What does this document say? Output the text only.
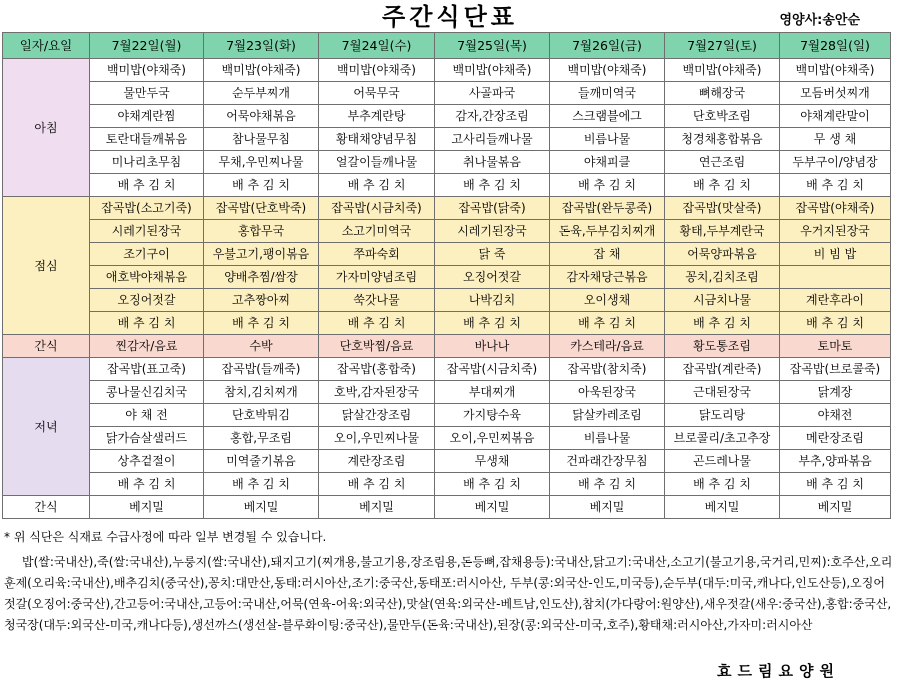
주간식단표	영양사:송안순
일자/요일	7월22일(월)	7월23일(화)	7월24일(수)	7월25일(목)	7월26일(금)	7월27일(토)	7월28일(일)
아침	백미밥(야채죽)	백미밥(야채죽)	백미밥(야채죽)	백미밥(야채죽)	백미밥(야채죽)	백미밥(야채죽)	백미밥(야채죽)
	물만두국	순두부찌개	어묵무국	사골파국	들깨미역국	뼈해장국	모듬버섯찌개
	야채계란찜	어묵야채볶음	부추계란탕	감자,간장조림	스크램블에그	단호박조림	야채계란말이
	토란대들깨볶음	참나물무침	황태채양념무침	고사리들깨나물	비름나물	청경채홍합볶음	무 생 채
	미나리초무침	무채,우민찌나물	얼갈이들깨나물	취나물볶음	야채피클	연근조림	두부구이/양념장
	배 추 김 치	배 추 김 치	배 추 김 치	배 추 김 치	배 추 김 치	배 추 김 치	배 추 김 치
점심	잡곡밥(소고기죽)	잡곡밥(단호박죽)	잡곡밥(시금치죽)	잡곡밥(닭죽)	잡곡밥(완두콩죽)	잡곡밥(맛살죽)	잡곡밥(야채죽)
	시레기된장국	홍합무국	소고기미역국	시레기된장국	돈육,두부김치찌개	황태,두부계란국	우거지된장국
	조기구이	우불고기,팽이볶음	쭈파숙회	닭 죽	잡 채	어묵양파볶음	비 빔 밥
	애호박야채볶음	양배추찜/쌈장	가자미양념조림	오징어젓갈	감자채당근볶음	꽁치,김치조림	
	오징어젓갈	고추짱아찌	쑥갓나물	나박김치	오이생채	시금치나물	계란후라이
	배 추 김 치	배 추 김 치	배 추 김 치	배 추 김 치	배 추 김 치	배 추 김 치	배 추 김 치
간식	찐감자/음료	수박	단호박찜/음료	바나나	카스테라/음료	황도통조림	토마토
저녁	잡곡밥(표고죽)	잡곡밥(들깨죽)	잡곡밥(홍합죽)	잡곡밥(시금치죽)	잡곡밥(참치죽)	잡곡밥(계란죽)	잡곡밥(브로콜죽)
	콩나물신김치국	참치,김치찌개	호박,감자된장국	부대찌개	아욱된장국	근대된장국	닭계장
	야 채 전	단호박튀김	닭살간장조림	가지탕수육	닭살카레조림	닭도리탕	야채전
	닭가슴살샐러드	홍합,무조림	오이,우민찌나물	오이,우민찌볶음	비름나물	브로콜리/초고추장	메란장조림
	상추겉절이	미역줄기볶음	계란장조림	무생채	건파래간장무침	곤드레나물	부추,양파볶음
	배 추 김 치	배 추 김 치	배 추 김 치	배 추 김 치	배 추 김 치	배 추 김 치	배 추 김 치
간식	베지밀	베지밀	베지밀	베지밀	베지밀	베지밀	베지밀
* 위 식단은 식재료 수급사정에 따라 일부 변경될 수 있습니다.
밥(쌀:국내산),죽(쌀:국내산),누룽지(쌀:국내산),돼지고기(찌개용,불고기용,장조림용,돈등뼈,잡채용등):국내산,닭고기:국내산,소고기(불고기용,국거리,민찌):호주산,오리훈제(오리육:국내산),배추김치(중국산),꽁치:대만산,동태:러시아산,조기:중국산,동태포:러시아산, 두부(콩:외국산-인도,미국등),순두부(대두:미국,캐나다,인도산등),오징어젓갈(오징어:중국산),간고등어:국내산,고등어:국내산,어묵(연육-어육:외국산),맛살(연육:외국산-베트남,인도산),참치(가다랑어:원양산),새우젓갈(새우:중국산),홍합:중국산,청국장(대두:외국산-미국,캐나다등),생선까스(생선살-블루화이팅:중국산),물만두(돈육:국내산),된장(콩:외국산-미국,호주),황태채:러시아산,가자미:러시아산
효드림요양원
